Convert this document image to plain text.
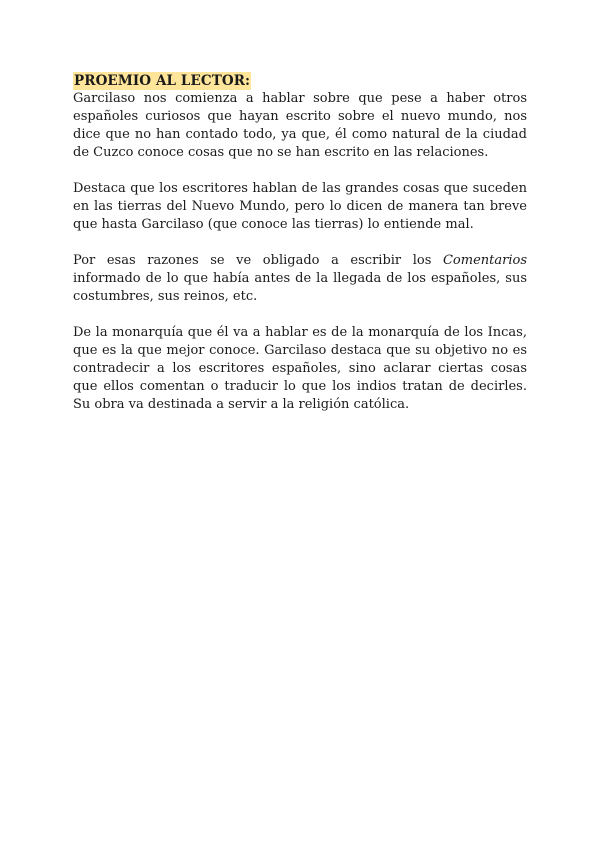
PROEMIO AL LECTOR:

Garcilaso nos comienza a hablar sobre que pese a haber otros españoles curiosos que hayan escrito sobre el nuevo mundo, nos dice que no han contado todo, ya que, él como natural de la ciudad de Cuzco conoce cosas que no se han escrito en las relaciones.

Destaca que los escritores hablan de las grandes cosas que suceden en las tierras del Nuevo Mundo, pero lo dicen de manera tan breve que hasta Garcilaso (que conoce las tierras) lo entiende mal.

Por esas razones se ve obligado a escribir los Comentarios informado de lo que había antes de la llegada de los españoles, sus costumbres, sus reinos, etc.

De la monarquía que él va a hablar es de la monarquía de los Incas, que es la que mejor conoce. Garcilaso destaca que su objetivo no es contradecir a los escritores españoles, sino aclarar ciertas cosas que ellos comentan o traducir lo que los indios tratan de decirles. Su obra va destinada a servir a la religión católica.
